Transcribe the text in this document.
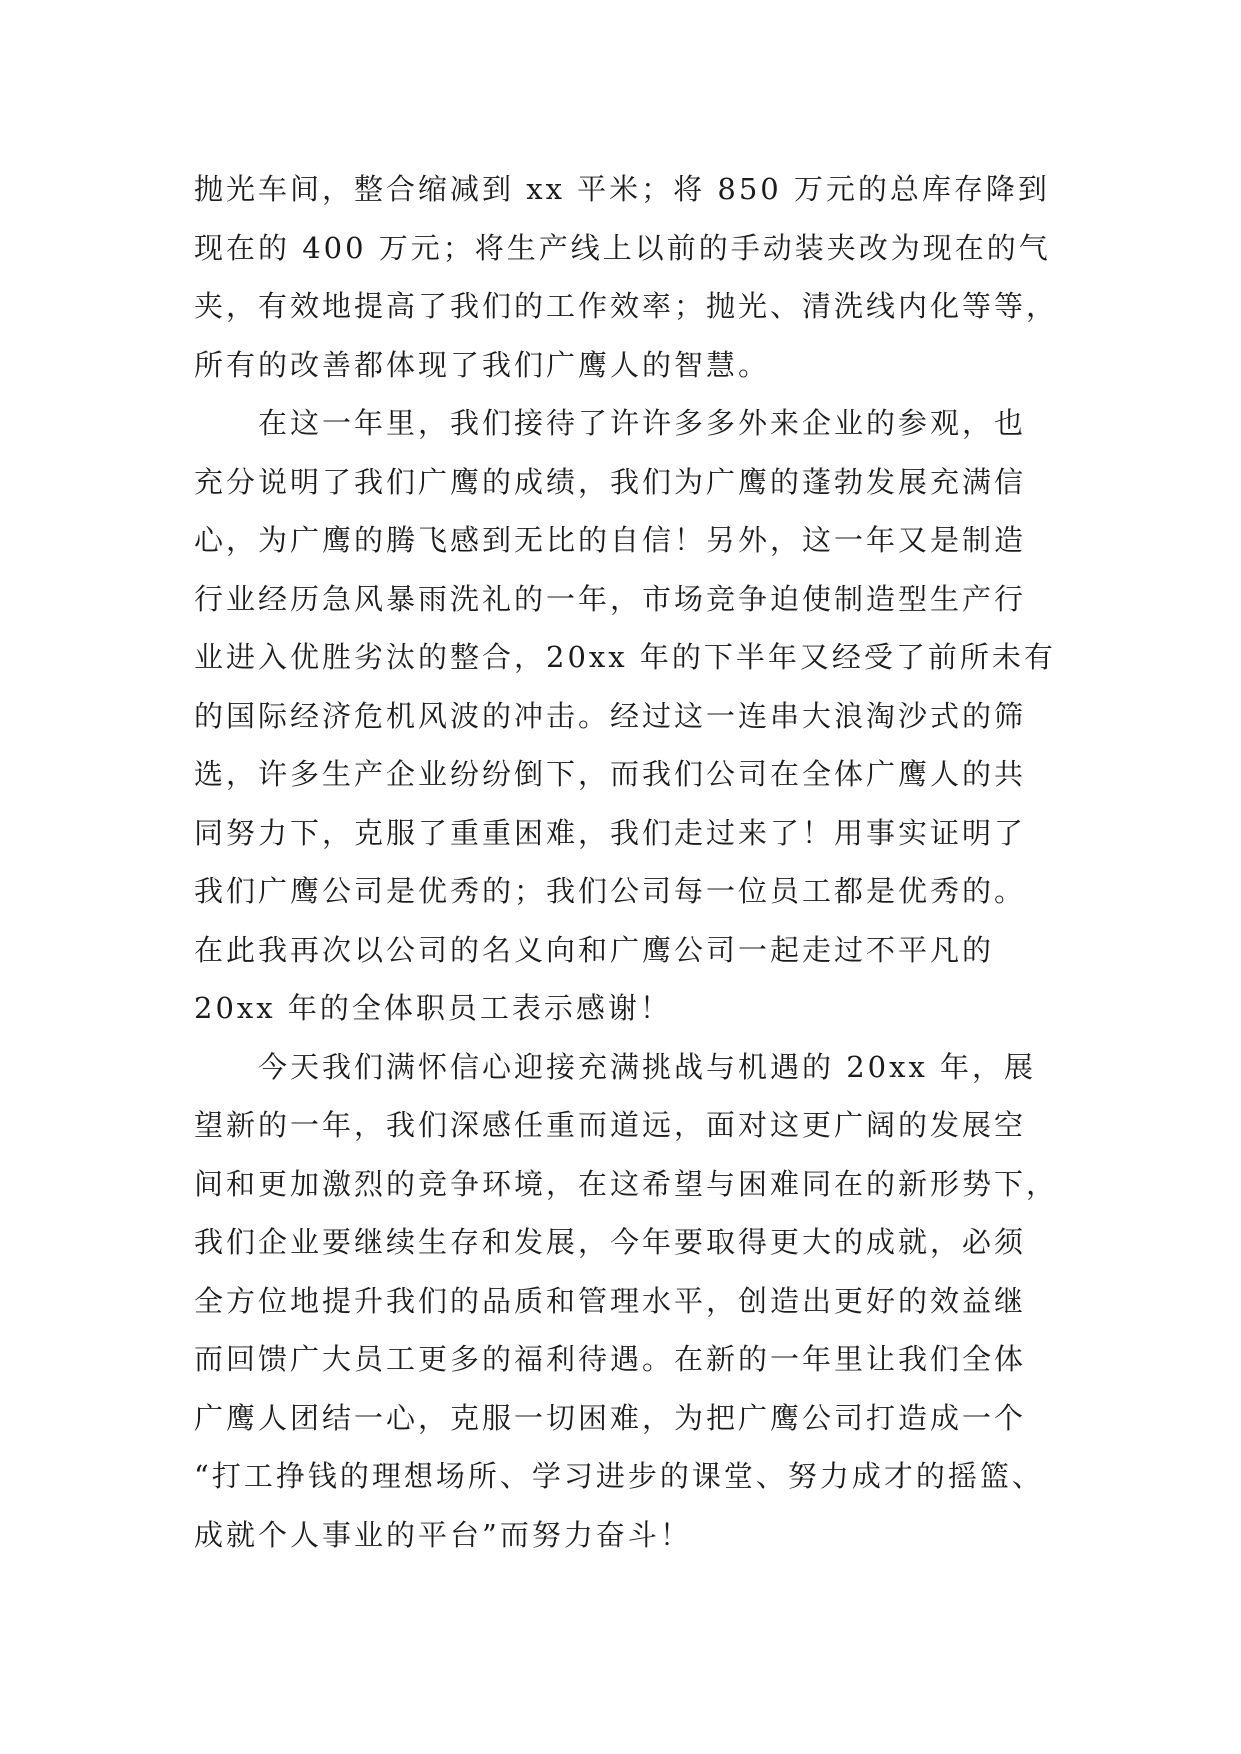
抛光车间，整合缩减到 xx 平米；将 850 万元的总库存降到
现在的 400 万元；将生产线上以前的手动装夹改为现在的气
夹，有效地提高了我们的工作效率；抛光、清洗线内化等等，
所有的改善都体现了我们广鹰人的智慧。
在这一年里，我们接待了许许多多外来企业的参观，也
充分说明了我们广鹰的成绩，我们为广鹰的蓬勃发展充满信
心，为广鹰的腾飞感到无比的自信！另外，这一年又是制造
行业经历急风暴雨洗礼的一年，市场竞争迫使制造型生产行
业进入优胜劣汰的整合，20xx 年的下半年又经受了前所未有
的国际经济危机风波的冲击。经过这一连串大浪淘沙式的筛
选，许多生产企业纷纷倒下，而我们公司在全体广鹰人的共
同努力下，克服了重重困难，我们走过来了！用事实证明了
我们广鹰公司是优秀的；我们公司每一位员工都是优秀的。
在此我再次以公司的名义向和广鹰公司一起走过不平凡的
20xx 年的全体职员工表示感谢！
今天我们满怀信心迎接充满挑战与机遇的 20xx 年，展
望新的一年，我们深感任重而道远，面对这更广阔的发展空
间和更加激烈的竞争环境，在这希望与困难同在的新形势下，
我们企业要继续生存和发展，今年要取得更大的成就，必须
全方位地提升我们的品质和管理水平，创造出更好的效益继
而回馈广大员工更多的福利待遇。在新的一年里让我们全体
广鹰人团结一心，克服一切困难，为把广鹰公司打造成一个
“打工挣钱的理想场所、学习进步的课堂、努力成才的摇篮、
成就个人事业的平台”而努力奋斗！
